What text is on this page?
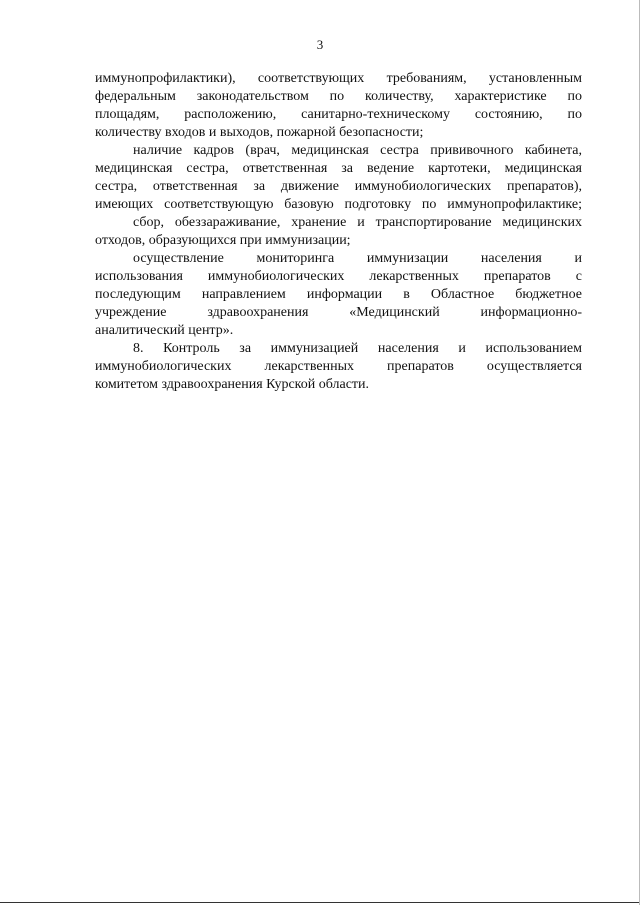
3
иммунопрофилактики), соответствующих требованиям, установленным
федеральным законодательством по количеству, характеристике по
площадям, расположению, санитарно-техническому состоянию, по
количеству входов и выходов, пожарной безопасности;
наличие кадров (врач, медицинская сестра прививочного кабинета,
медицинская сестра, ответственная за ведение картотеки, медицинская
сестра, ответственная за движение иммунобиологических препаратов),
имеющих соответствующую базовую подготовку по иммунопрофилактике;
сбор, обеззараживание, хранение и транспортирование медицинских
отходов, образующихся при иммунизации;
осуществление мониторинга иммунизации населения и
использования иммунобиологических лекарственных препаратов с
последующим направлением информации в Областное бюджетное
учреждение здравоохранения «Медицинский информационно-
аналитический центр».
8. Контроль за иммунизацией населения и использованием
иммунобиологических лекарственных препаратов осуществляется
комитетом здравоохранения Курской области.
